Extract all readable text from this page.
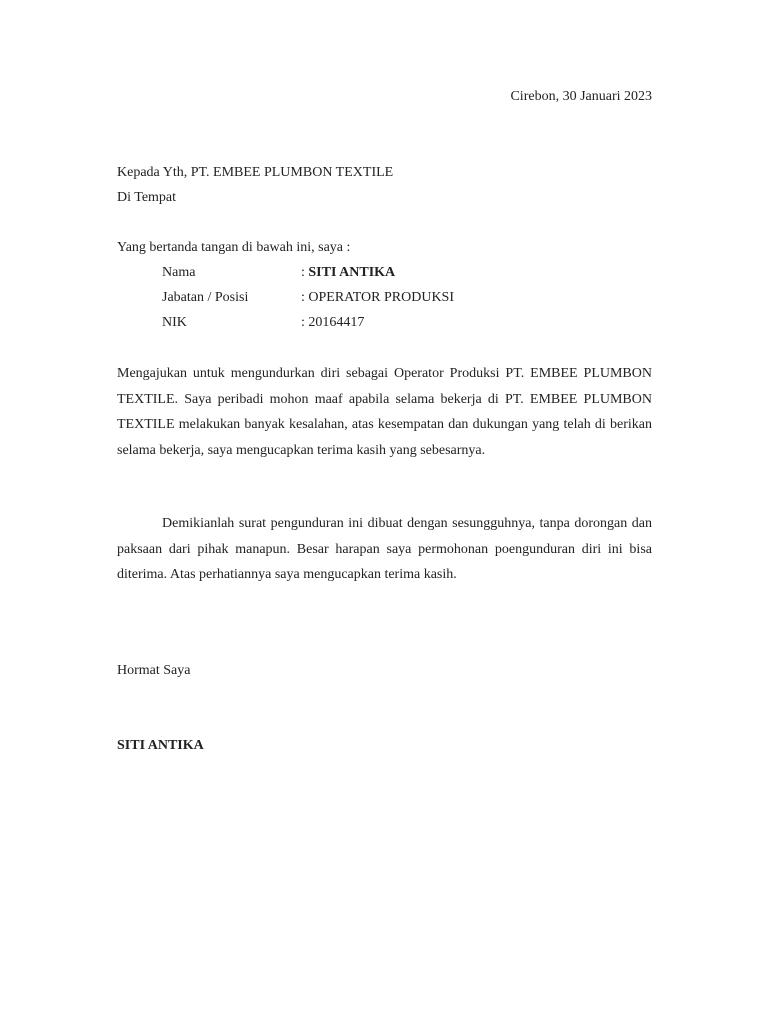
Cirebon, 30 Januari 2023
Kepada Yth, PT. EMBEE PLUMBON TEXTILE
Di Tempat
Yang bertanda tangan di bawah ini, saya :
Nama	: SITI ANTIKA
Jabatan / Posisi	: OPERATOR PRODUKSI
NIK	: 20164417

Mengajukan untuk mengundurkan diri sebagai Operator Produksi PT. EMBEE PLUMBON TEXTILE. Saya peribadi mohon maaf apabila selama bekerja di PT. EMBEE PLUMBON TEXTILE melakukan banyak kesalahan, atas kesempatan dan dukungan yang telah di berikan selama bekerja, saya mengucapkan terima kasih yang sebesarnya.

Demikianlah surat pengunduran ini dibuat dengan sesungguhnya, tanpa dorongan dan paksaan dari pihak manapun. Besar harapan saya permohonan poengunduran diri ini bisa diterima. Atas perhatiannya saya mengucapkan terima kasih.

Hormat Saya
SITI ANTIKA
